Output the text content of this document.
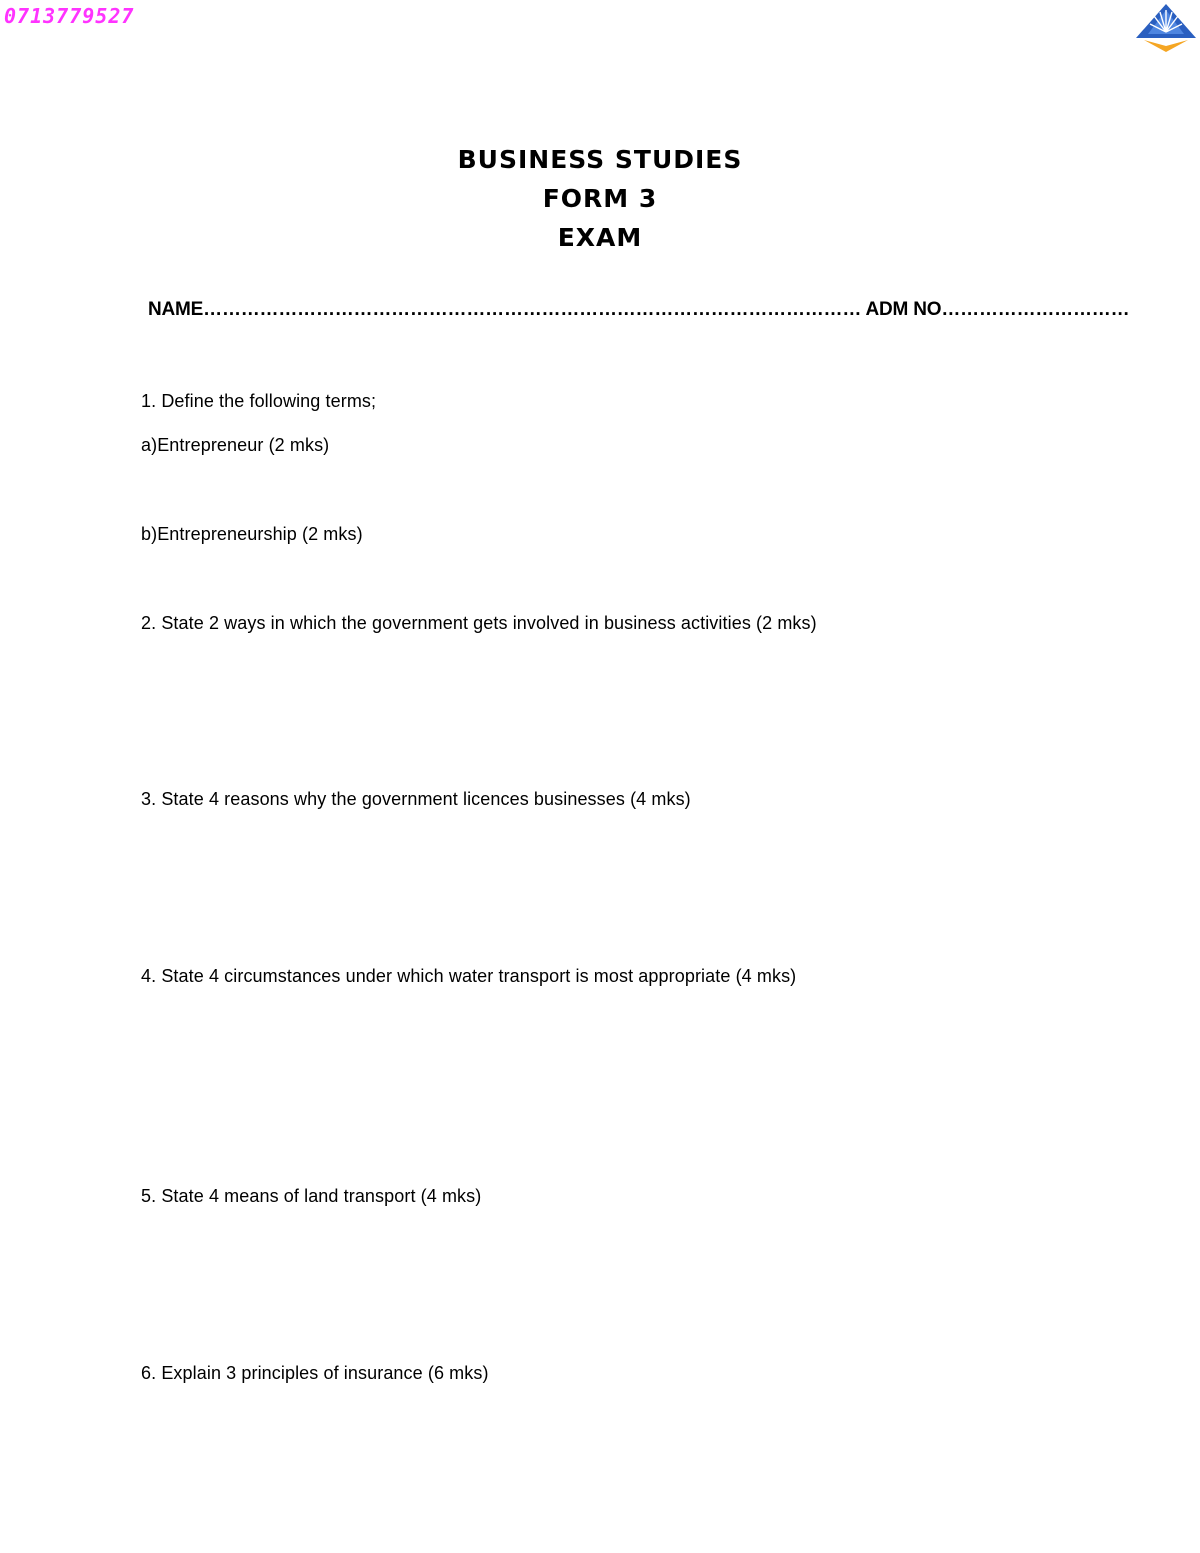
0713779527
BUSINESS STUDIES
FORM 3
EXAM
NAME…………………………………………………………………………………………… ADM NO…………………………
1. Define the following terms;
a)Entrepreneur (2 mks)
b)Entrepreneurship (2 mks)
2. State 2 ways in which the government gets involved in business activities (2 mks)
3. State 4 reasons why the government licences businesses (4 mks)
4. State 4 circumstances under which water transport is most appropriate (4 mks)
5. State 4 means of land transport (4 mks)
6. Explain 3 principles of insurance (6 mks)
